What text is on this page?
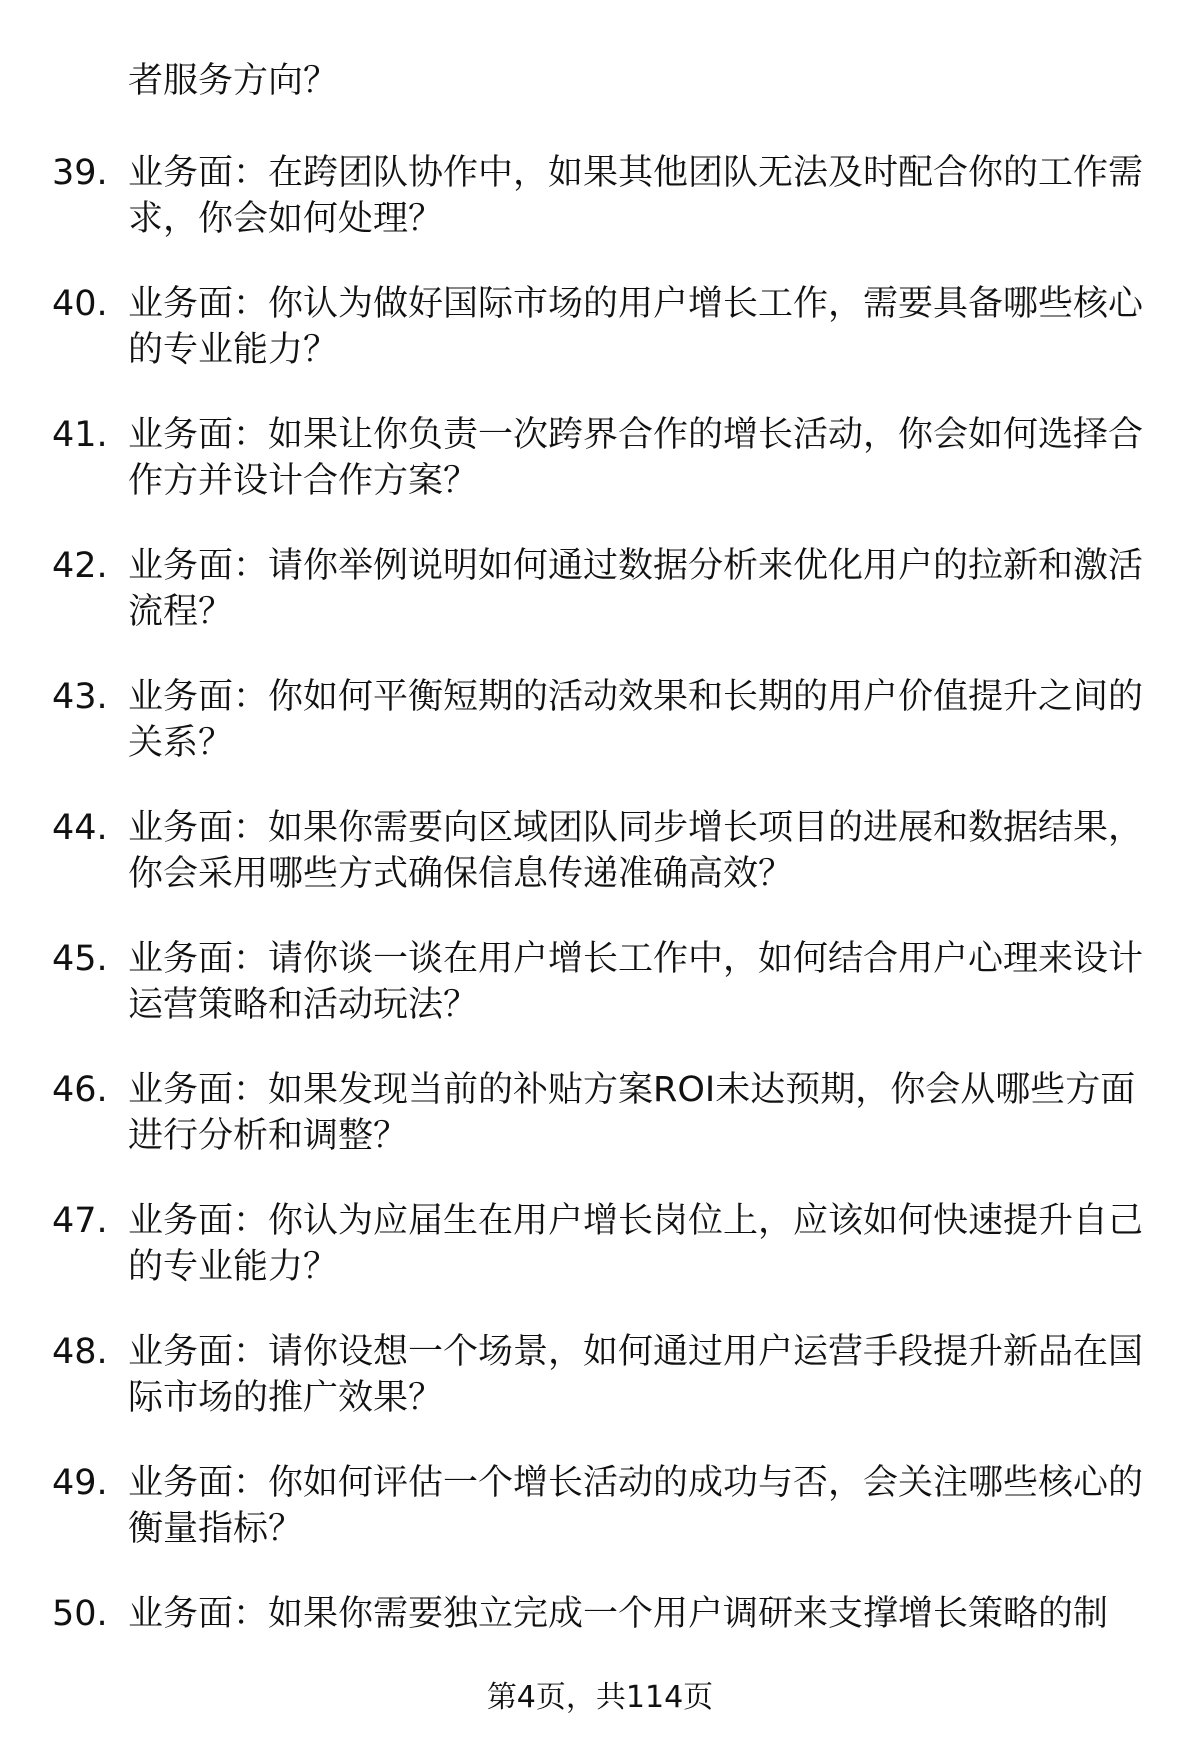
者服务方向？

39. 业务面：在跨团队协作中，如果其他团队无法及时配合你的工作需求，你会如何处理？

40. 业务面：你认为做好国际市场的用户增长工作，需要具备哪些核心的专业能力？

41. 业务面：如果让你负责一次跨界合作的增长活动，你会如何选择合作方并设计合作方案？

42. 业务面：请你举例说明如何通过数据分析来优化用户的拉新和激活流程？

43. 业务面：你如何平衡短期的活动效果和长期的用户价值提升之间的关系？

44. 业务面：如果你需要向区域团队同步增长项目的进展和数据结果，你会采用哪些方式确保信息传递准确高效？

45. 业务面：请你谈一谈在用户增长工作中，如何结合用户心理来设计运营策略和活动玩法？

46. 业务面：如果发现当前的补贴方案ROI未达预期，你会从哪些方面进行分析和调整？

47. 业务面：你认为应届生在用户增长岗位上，应该如何快速提升自己的专业能力？

48. 业务面：请你设想一个场景，如何通过用户运营手段提升新品在国际市场的推广效果？

49. 业务面：你如何评估一个增长活动的成功与否，会关注哪些核心的衡量指标？

50. 业务面：如果你需要独立完成一个用户调研来支撑增长策略的制

第4页，共114页
